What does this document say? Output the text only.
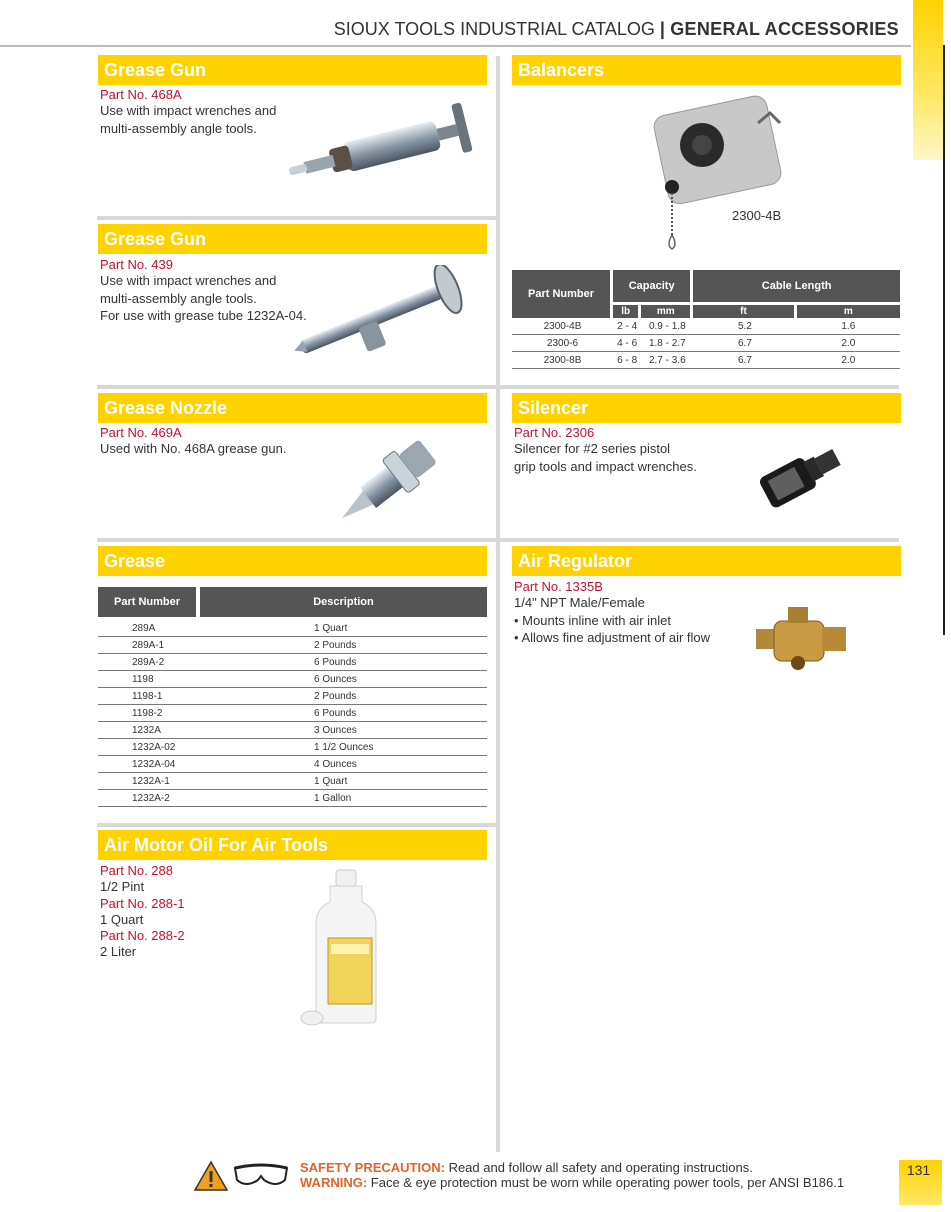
SIOUX TOOLS INDUSTRIAL CATALOG | GENERAL ACCESSORIES
Grease Gun
Part No. 468A
Use with impact wrenches and
multi-assembly angle tools.
Grease Gun
Part No. 439
Use with impact wrenches and
multi-assembly angle tools.
For use with grease tube 1232A-04.
Grease Nozzle
Part No. 469A
Used with No. 468A grease gun.
Grease
Part Number	Description

289A	1 Quart
289A-1	2 Pounds
289A-2	6 Pounds
1198	6 Ounces
1198-1	2 Pounds
1198-2	6 Pounds
1232A	3 Ounces
1232A-02	1 1/2 Ounces
1232A-04	4 Ounces
1232A-1	1 Quart
1232A-2	1 Gallon
Air Motor Oil For Air Tools
Part No. 288
1/2 Pint
Part No. 288-1
1 Quart
Part No. 288-2
2 Liter
Balancers
2300-4B
Part Number	Capacity		Cable Length	
	lb	mm	ft	m
2300-4B	2 - 4	0.9 - 1.8	5.2	1.6
2300-6	4 - 6	1.8 - 2.7	6.7	2.0
2300-8B	6 - 8	2.7 - 3.6	6.7	2.0
Silencer
Part No. 2306
Silencer for #2 series pistol
grip tools and impact wrenches.
Air Regulator
Part No. 1335B
1/4" NPT Male/Female
• Mounts inline with air inlet
• Allows fine adjustment of air flow
SAFETY PRECAUTION: Read and follow all safety and operating instructions.
WARNING: Face & eye protection must be worn while operating power tools, per ANSI B186.1
131
